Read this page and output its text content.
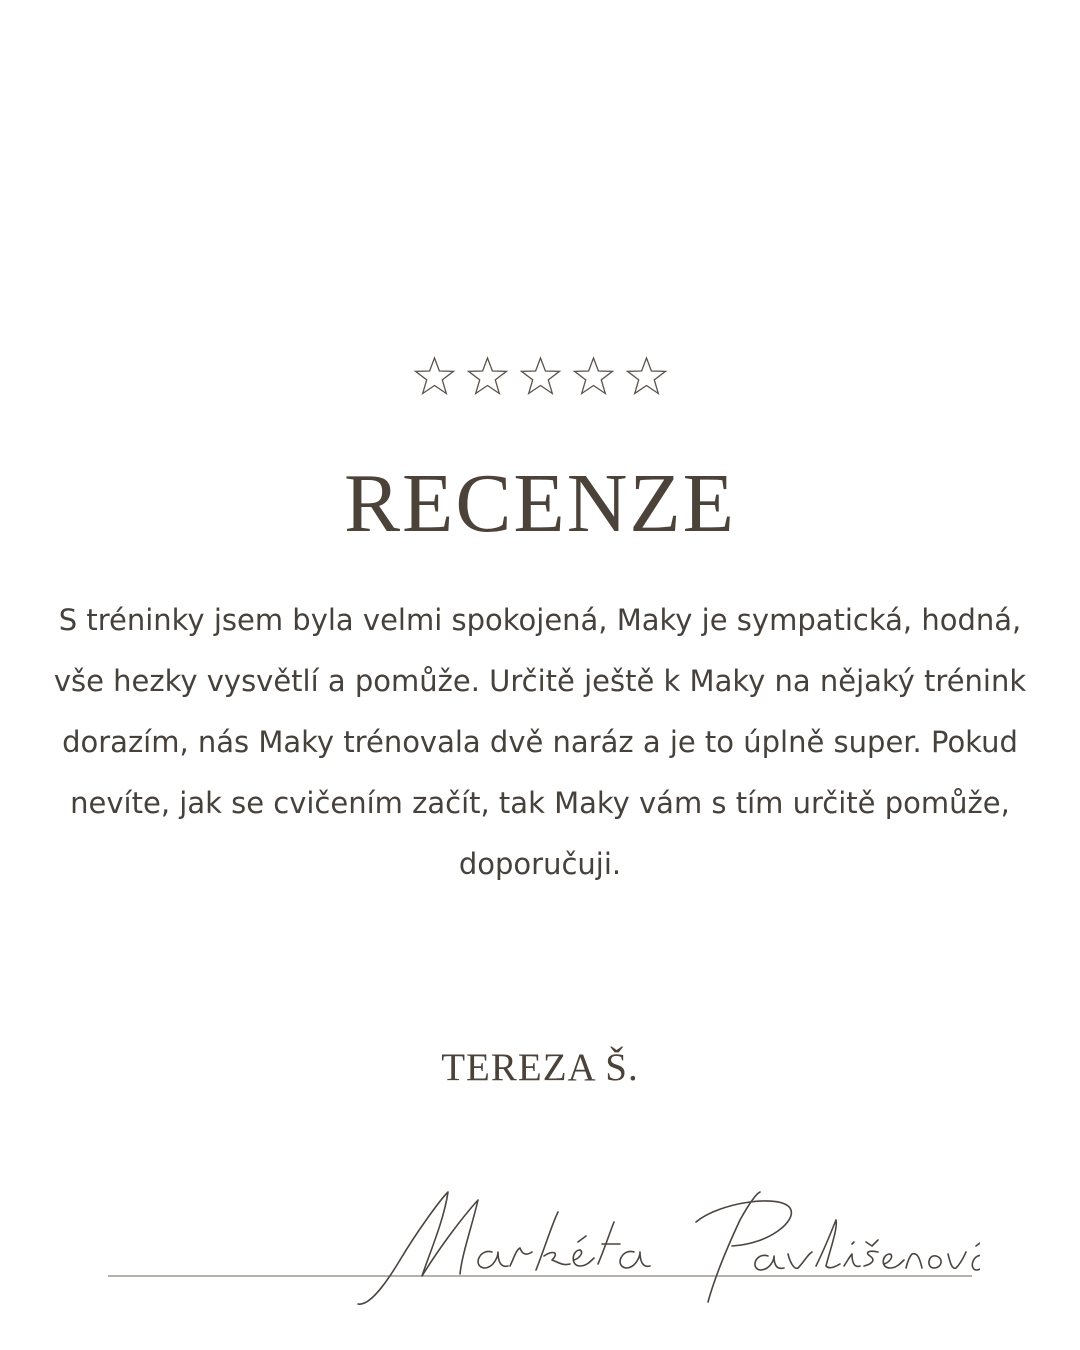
RECENZE

S tréninky jsem byla velmi spokojená, Maky je sympatická, hodná, vše hezky vysvětlí a pomůže. Určitě ještě k Maky na nějaký trénink dorazím, nás Maky trénovala dvě naráz a je to úplně super. Pokud nevíte, jak se cvičením začít, tak Maky vám s tím určitě pomůže, doporučuji.

TEREZA Š.
